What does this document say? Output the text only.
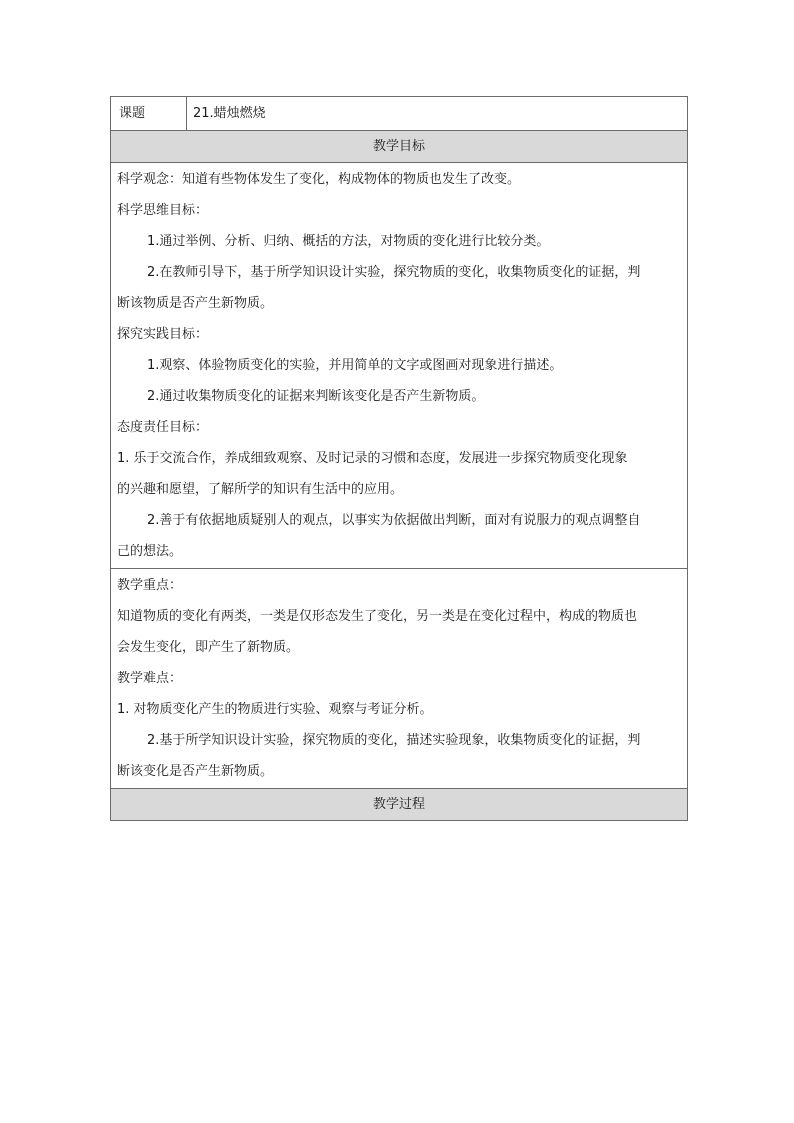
课题	21.蜡烛燃烧
教学目标
科学观念：知道有些物体发生了变化，构成物体的物质也发生了改变。
科学思维目标：
1.通过举例、分析、归纳、概括的方法，对物质的变化进行比较分类。
2.在教师引导下，基于所学知识设计实验，探究物质的变化，收集物质变化的证据，判
断该物质是否产生新物质。
探究实践目标：
1.观察、体验物质变化的实验，并用简单的文字或图画对现象进行描述。
2.通过收集物质变化的证据来判断该变化是否产生新物质。
态度责任目标：
1. 乐于交流合作，养成细致观察、及时记录的习惯和态度，发展进一步探究物质变化现象
的兴趣和愿望，了解所学的知识有生活中的应用。
2.善于有依据地质疑别人的观点，以事实为依据做出判断，面对有说服力的观点调整自
己的想法。
教学重点：
知道物质的变化有两类，一类是仅形态发生了变化，另一类是在变化过程中，构成的物质也
会发生变化，即产生了新物质。
教学难点：
1. 对物质变化产生的物质进行实验、观察与考证分析。
2.基于所学知识设计实验，探究物质的变化，描述实验现象，收集物质变化的证据，判
断该变化是否产生新物质。
教学过程
